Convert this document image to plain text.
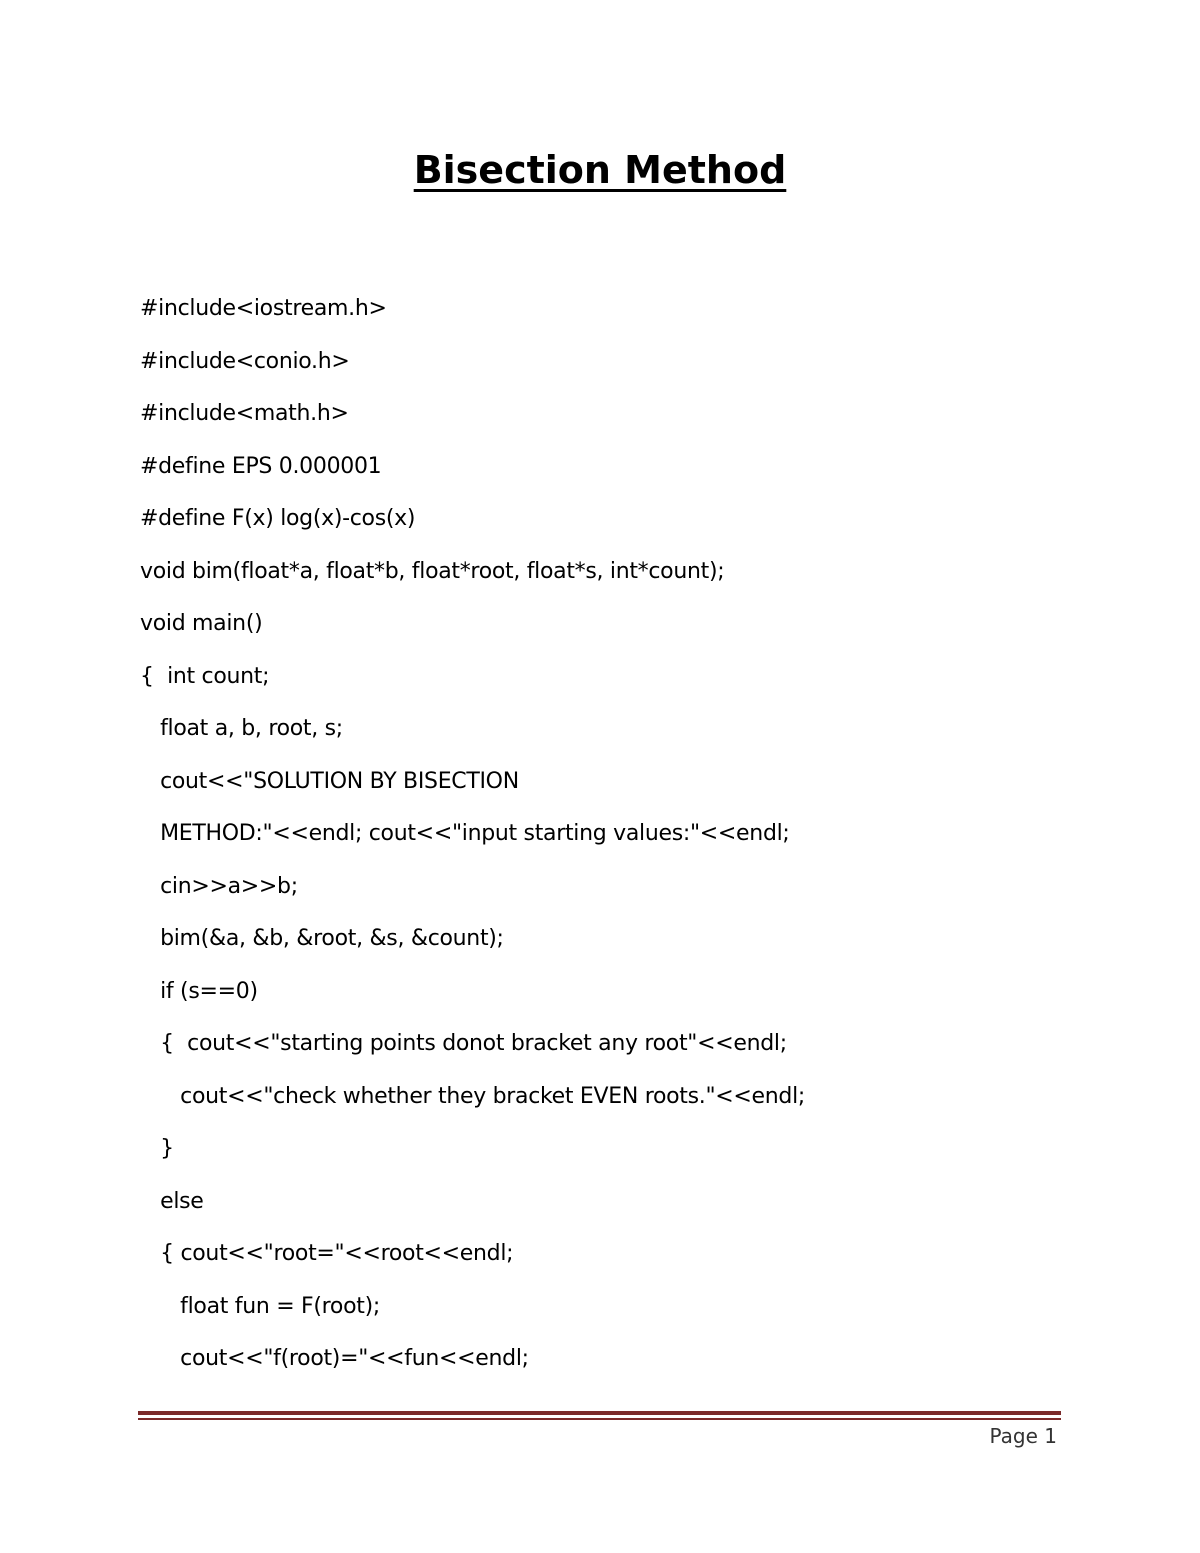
Bisection Method
#include<iostream.h>
#include<conio.h>
#include<math.h>
#define EPS 0.000001
#define F(x) log(x)-cos(x)
void bim(float*a, float*b, float*root, float*s, int*count);
void main()
{  int count;
float a, b, root, s;
cout<<"SOLUTION BY BISECTION
METHOD:"<<endl; cout<<"input starting values:"<<endl;
cin>>a>>b;
bim(&a, &b, &root, &s, &count);
if (s==0)
{  cout<<"starting points donot bracket any root"<<endl;
cout<<"check whether they bracket EVEN roots."<<endl;
}
else
{ cout<<"root="<<root<<endl;
float fun = F(root);
cout<<"f(root)="<<fun<<endl;
Page 1
